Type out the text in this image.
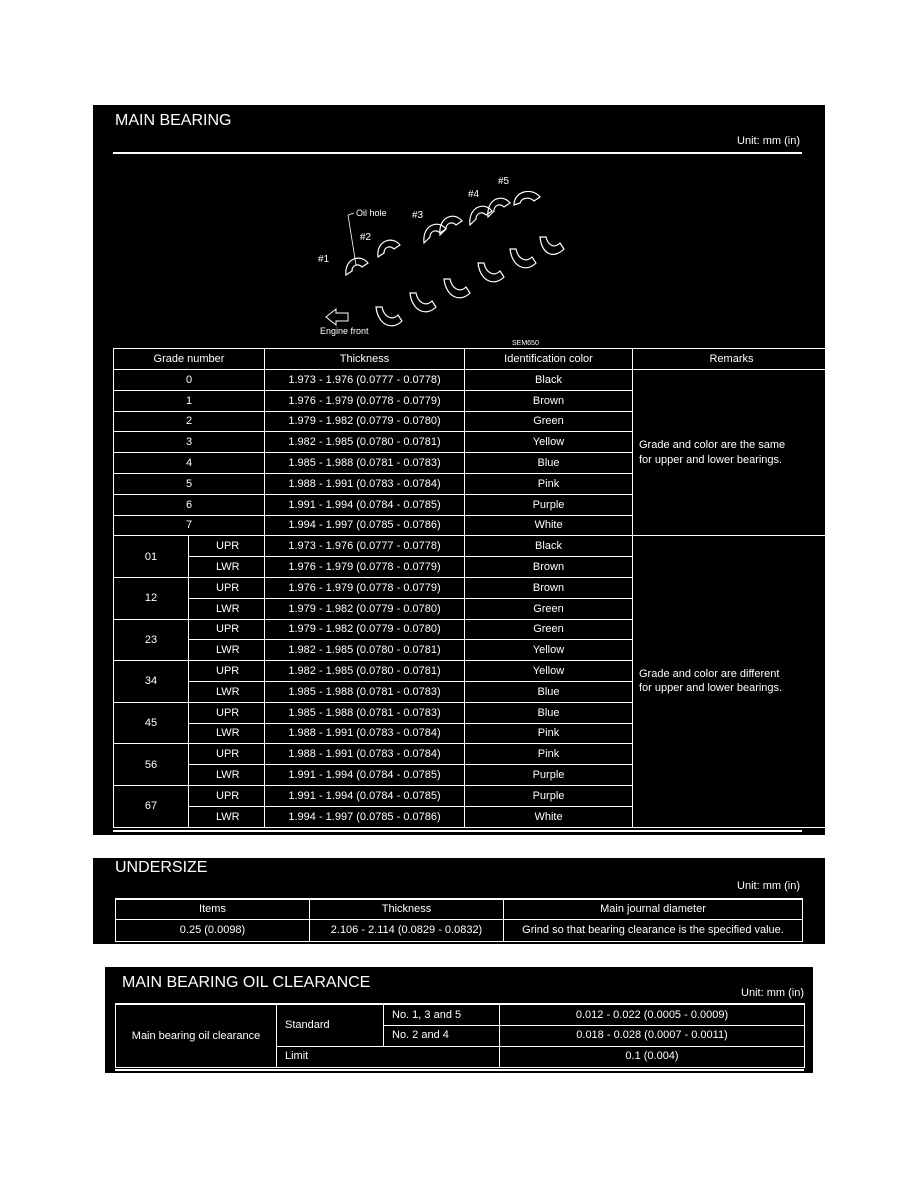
MAIN BEARING
Unit: mm (in)
Oil hole
#1
#2
#3
#4
#5
Engine front
SEM650
Grade number		Thickness	Identification color	Remarks
0		1.973 - 1.976 (0.0777 - 0.0778)	Black	Grade and color are the same
for upper and lower bearings.
1		1.976 - 1.979 (0.0778 - 0.0779)	Brown	
2		1.979 - 1.982 (0.0779 - 0.0780)	Green	
3		1.982 - 1.985 (0.0780 - 0.0781)	Yellow	
4		1.985 - 1.988 (0.0781 - 0.0783)	Blue	
5		1.988 - 1.991 (0.0783 - 0.0784)	Pink	
6		1.991 - 1.994 (0.0784 - 0.0785)	Purple	
7		1.994 - 1.997 (0.0785 - 0.0786)	White	
01	UPR	1.973 - 1.976 (0.0777 - 0.0778)	Black	Grade and color are different
for upper and lower bearings.
	LWR	1.976 - 1.979 (0.0778 - 0.0779)	Brown	
12	UPR	1.976 - 1.979 (0.0778 - 0.0779)	Brown	
	LWR	1.979 - 1.982 (0.0779 - 0.0780)	Green	
23	UPR	1.979 - 1.982 (0.0779 - 0.0780)	Green	
	LWR	1.982 - 1.985 (0.0780 - 0.0781)	Yellow	
34	UPR	1.982 - 1.985 (0.0780 - 0.0781)	Yellow	
	LWR	1.985 - 1.988 (0.0781 - 0.0783)	Blue	
45	UPR	1.985 - 1.988 (0.0781 - 0.0783)	Blue	
	LWR	1.988 - 1.991 (0.0783 - 0.0784)	Pink	
56	UPR	1.988 - 1.991 (0.0783 - 0.0784)	Pink	
	LWR	1.991 - 1.994 (0.0784 - 0.0785)	Purple	
67	UPR	1.991 - 1.994 (0.0784 - 0.0785)	Purple	
	LWR	1.994 - 1.997 (0.0785 - 0.0786)	White	
UNDERSIZE
Unit: mm (in)
Items	Thickness	Main journal diameter
0.25 (0.0098)	2.106 - 2.114 (0.0829 - 0.0832)	Grind so that bearing clearance is the specified value.
MAIN BEARING OIL CLEARANCE
Unit: mm (in)
Main bearing oil clearance	Standard	No. 1, 3 and 5	0.012 - 0.022 (0.0005 - 0.0009)
		No. 2 and 4	0.018 - 0.028 (0.0007 - 0.0011)
	Limit		0.1 (0.004)
